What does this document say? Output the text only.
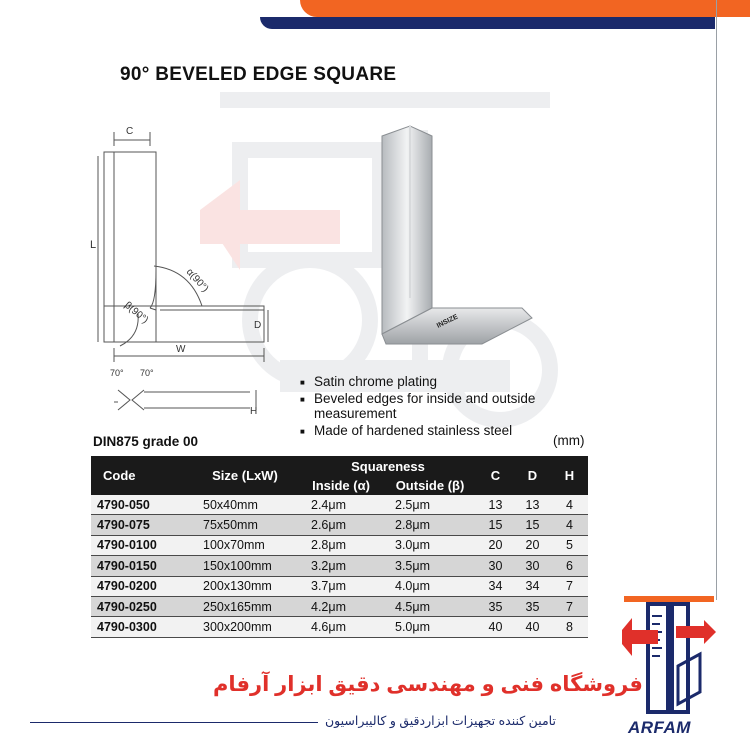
90° BEVELED EDGE SQUARE
C
L
α(90°)
β(90°)	D
W
H
70° 70°
INSIZE
■ Satin chrome plating
■ Beveled edges for inside and outside measurement
■ Made of hardened stainless steel
(mm)
DIN875 grade 00
Code	Size (LxW)	Squareness		C	D	H
		Inside (α)	Outside (β)			
4790-050	50x40mm	2.4μm	2.5μm	13	13	4
4790-075	75x50mm	2.6μm	2.8μm	15	15	4
4790-0100	100x70mm	2.8μm	3.0μm	20	20	5
4790-0150	150x100mm	3.2μm	3.5μm	30	30	6
4790-0200	200x130mm	3.7μm	4.0μm	34	34	7
4790-0250	250x165mm	4.2μm	4.5μm	35	35	7
4790-0300	300x200mm	4.6μm	5.0μm	40	40	8
فروشگاه فنی و مهندسی دقیق ابزار آرفام
تامین کننده تجهیزات ابزاردقیق و کالیبراسیون	ARFAM
